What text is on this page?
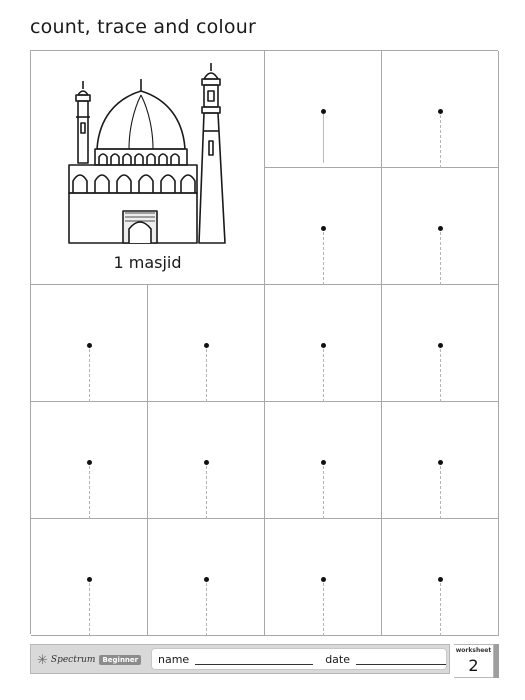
count, trace and colour
1 masjid
✳ Spectrum	Beginner name	date
worksheet
2
